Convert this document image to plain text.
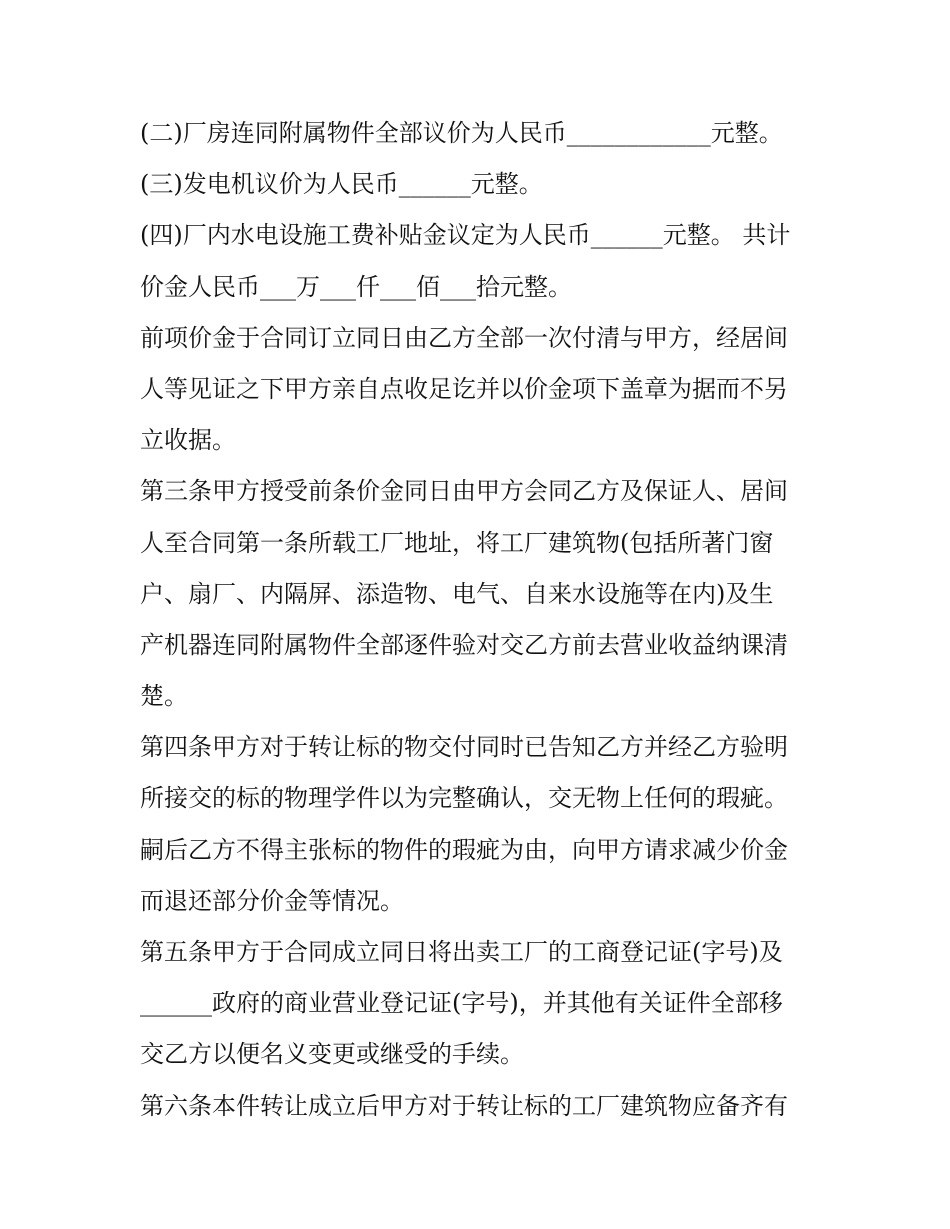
(二)厂房连同附属物件全部议价为人民币____________元整。
(三)发电机议价为人民币______元整。
(四)厂内水电设施工费补贴金议定为人民币______元整。 共计
价金人民币___万___仟___佰___拾元整。
前项价金于合同订立同日由乙方全部一次付清与甲方，经居间
人等见证之下甲方亲自点收足讫并以价金项下盖章为据而不另
立收据。
第三条甲方授受前条价金同日由甲方会同乙方及保证人、居间
人至合同第一条所载工厂地址，将工厂建筑物(包括所著门窗
户、扇厂、内隔屏、添造物、电气、自来水设施等在内)及生
产机器连同附属物件全部逐件验对交乙方前去营业收益纳课清
楚。
第四条甲方对于转让标的物交付同时已告知乙方并经乙方验明
所接交的标的物理学件以为完整确认，交无物上任何的瑕疵。
嗣后乙方不得主张标的物件的瑕疵为由，向甲方请求减少价金
而退还部分价金等情况。
第五条甲方于合同成立同日将出卖工厂的工商登记证(字号)及
______政府的商业营业登记证(字号)，并其他有关证件全部移
交乙方以便名义变更或继受的手续。
第六条本件转让成立后甲方对于转让标的工厂建筑物应备齐有
